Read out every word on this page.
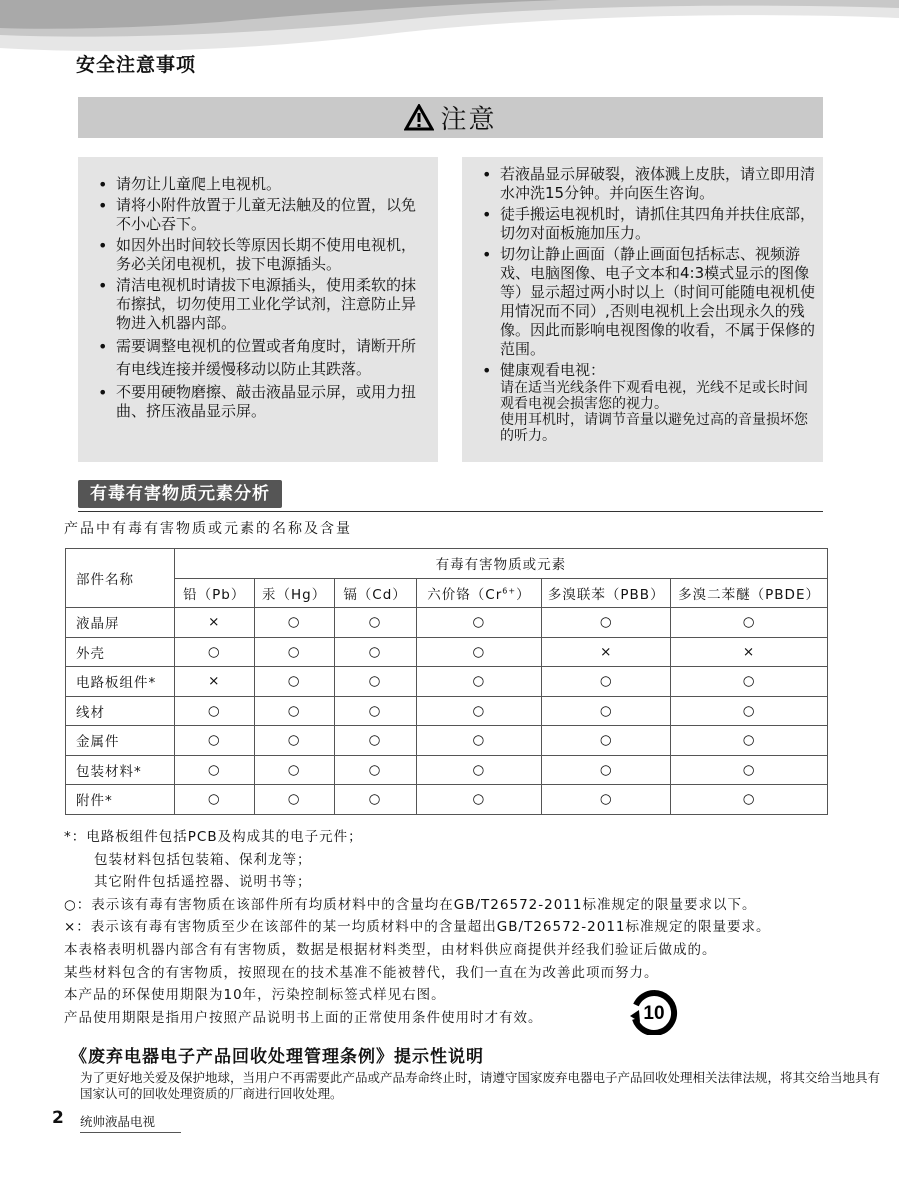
安全注意事项
注意
• 请勿让儿童爬上电视机。
• 请将小附件放置于儿童无法触及的位置，以免不小心吞下。
• 如因外出时间较长等原因长期不使用电视机，务必关闭电视机，拔下电源插头。
• 清洁电视机时请拔下电源插头，使用柔软的抹布擦拭，切勿使用工业化学试剂，注意防止异物进入机器内部。
• 需要调整电视机的位置或者角度时，请断开所有电线连接并缓慢移动以防止其跌落。
• 不要用硬物磨擦、敲击液晶显示屏，或用力扭曲、挤压液晶显示屏。
• 若液晶显示屏破裂，液体溅上皮肤，请立即用清水冲洗15分钟。并向医生咨询。
• 徒手搬运电视机时，请抓住其四角并扶住底部，切勿对面板施加压力。
• 切勿让静止画面（静止画面包括标志、视频游戏、电脑图像、电子文本和4:3模式显示的图像等）显示超过两小时以上（时间可能随电视机使用情况而不同）,否则电视机上会出现永久的残像。因此而影响电视图像的收看，不属于保修的范围。
• 健康观看电视：
请在适当光线条件下观看电视，光线不足或长时间观看电视会损害您的视力。
使用耳机时，请调节音量以避免过高的音量损坏您的听力。
有毒有害物质元素分析
产品中有毒有害物质或元素的名称及含量
部件名称	有毒有害物质或元素					
	铅（Pb）	汞（Hg）	镉（Cd）	六价铬$(Cr^{6+})$	多溴联苯（PBB）	多溴二苯醚（PBDE）
液晶屏	×	○	○	○	○	○
外壳	○	○	○	○	×	×
电路板组件*	×	○	○	○	○	○
线材	○	○	○	○	○	○
金属件	○	○	○	○	○	○
包装材料*	○	○	○	○	○	○
附件*	○	○	○	○	○	○
*：电路板组件包括PCB及构成其的电子元件；
包装材料包括包装箱、保利龙等；
其它附件包括遥控器、说明书等；
○：表示该有毒有害物质在该部件所有均质材料中的含量均在GB/T26572-2011标准规定的限量要求以下。
×：表示该有毒有害物质至少在该部件的某一均质材料中的含量超出GB/T26572-2011标准规定的限量要求。
本表格表明机器内部含有有害物质，数据是根据材料类型，由材料供应商提供并经我们验证后做成的。
某些材料包含的有害物质，按照现在的技术基准不能被替代，我们一直在为改善此项而努力。
本产品的环保使用期限为10年，污染控制标签式样见右图。
产品使用期限是指用户按照产品说明书上面的正常使用条件使用时才有效。	10
《废弃电器电子产品回收处理管理条例》提示性说明
为了更好地关爱及保护地球，当用户不再需要此产品或产品寿命终止时，请遵守国家废弃电器电子产品回收处理相关法律法规，将其交给当地具有国家认可的回收处理资质的厂商进行回收处理。
2 统帅液晶电视
